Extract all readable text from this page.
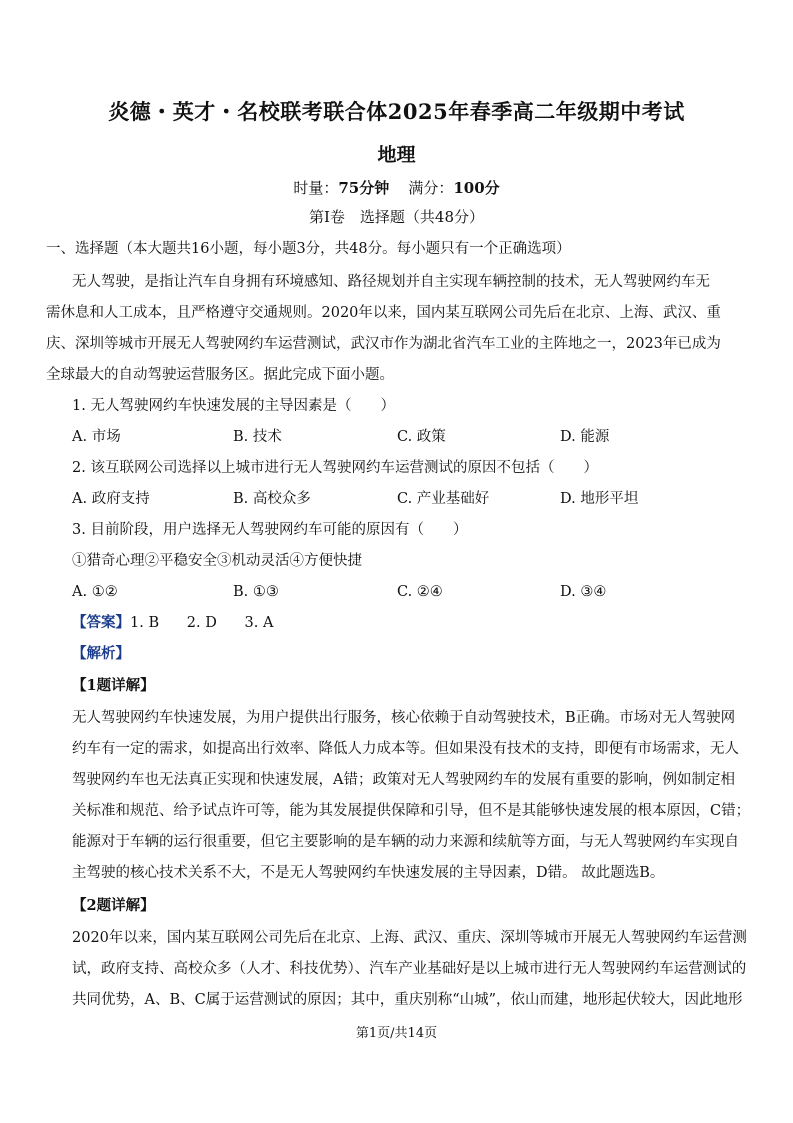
炎德・英才・名校联考联合体2025年春季高二年级期中考试
地理
时量：75分钟 满分：100分
第Ⅰ卷　选择题（共48分）
一、选择题（本大题共16小题，每小题3分，共48分。每小题只有一个正确选项）
无人驾驶，是指让汽车自身拥有环境感知、路径规划并自主实现车辆控制的技术，无人驾驶网约车无
需休息和人工成本，且严格遵守交通规则。2020年以来，国内某互联网公司先后在北京、上海、武汉、重
庆、深圳等城市开展无人驾驶网约车运营测试，武汉市作为湖北省汽车工业的主阵地之一，2023年已成为
全球最大的自动驾驶运营服务区。据此完成下面小题。
1. 无人驾驶网约车快速发展的主导因素是（　　）
A. 市场	B. 技术	C. 政策	D. 能源
2. 该互联网公司选择以上城市进行无人驾驶网约车运营测试的原因不包括（　　）
A. 政府支持	B. 高校众多	C. 产业基础好	D. 地形平坦
3. 目前阶段，用户选择无人驾驶网约车可能的原因有（　　）
①猎奇心理②平稳安全③机动灵活④方便快捷
A. ①②	B. ①③	C. ②④	D. ③④
【答案】1. B 2. D 3. A
【解析】
【1题详解】
无人驾驶网约车快速发展，为用户提供出行服务，核心依赖于自动驾驶技术，B正确。市场对无人驾驶网
约车有一定的需求，如提高出行效率、降低人力成本等。但如果没有技术的支持，即便有市场需求，无人
驾驶网约车也无法真正实现和快速发展，A错；政策对无人驾驶网约车的发展有重要的影响，例如制定相
关标准和规范、给予试点许可等，能为其发展提供保障和引导，但不是其能够快速发展的根本原因，C错；
能源对于车辆的运行很重要，但它主要影响的是车辆的动力来源和续航等方面，与无人驾驶网约车实现自
主驾驶的核心技术关系不大，不是无人驾驶网约车快速发展的主导因素，D错。 故此题选B。
【2题详解】
2020年以来，国内某互联网公司先后在北京、上海、武汉、重庆、深圳等城市开展无人驾驶网约车运营测
试，政府支持、高校众多（人才、科技优势）、汽车产业基础好是以上城市进行无人驾驶网约车运营测试的
共同优势，A、B、C属于运营测试的原因；其中，重庆别称“山城”，依山而建，地形起伏较大，因此地形
第1页/共14页
